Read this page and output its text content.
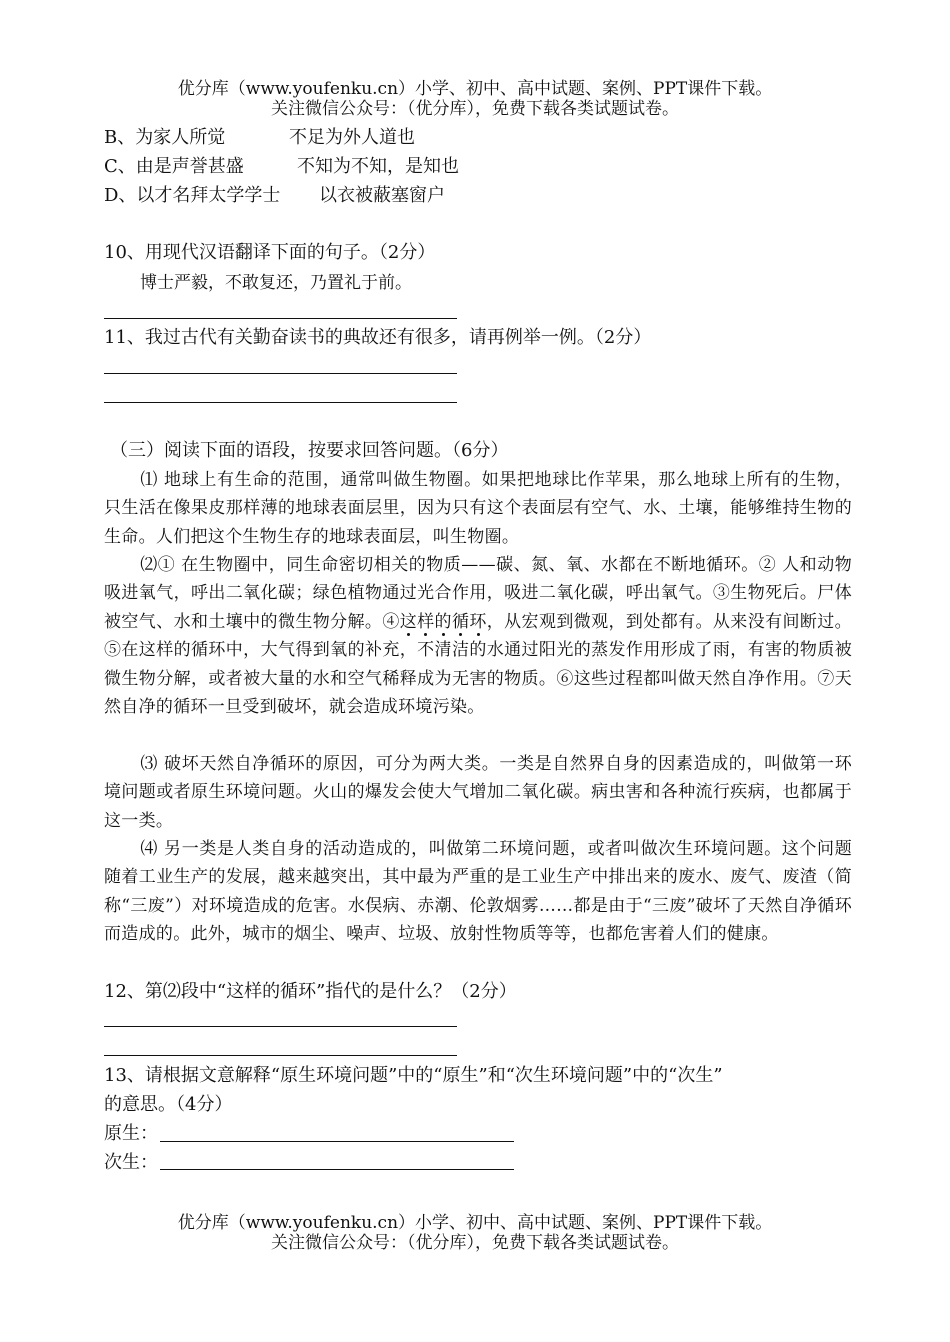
优分库（www.youfenku.cn）小学、初中、高中试题、案例、PPT课件下载。
关注微信公众号：（优分库），免费下载各类试题试卷。
B、为家人所觉	不足为外人道也
C、由是声誉甚盛	不知为不知，是知也
D、以才名拜太学学士 以衣被蔽塞窗户
10、用现代汉语翻译下面的句子。（2分）
博士严毅，不敢复还，乃置礼于前。
11、我过古代有关勤奋读书的典故还有很多，请再例举一例。（2分）
（三）阅读下面的语段，按要求回答问题。（6分）
⑴ 地球上有生命的范围，通常叫做生物圈。如果把地球比作苹果，那么地球上所有的生物，只生活在像果皮那样薄的地球表面层里，因为只有这个表面层有空气、水、土壤，能够维持生物的生命。人们把这个生物生存的地球表面层，叫生物圈。
⑵① 在生物圈中，同生命密切相关的物质——碳、氮、氧、水都在不断地循环。② 人和动物吸进氧气，呼出二氧化碳；绿色植物通过光合作用，吸进二氧化碳，呼出氧气。③生物死后。尸体被空气、水和土壤中的微生物分解。④这样的循环，从宏观到微观，到处都有。从来没有间断过。⑤在这样的循环中，大气得到氧的补充，不清洁的水通过阳光的蒸发作用形成了雨，有害的物质被微生物分解，或者被大量的水和空气稀释成为无害的物质。⑥这些过程都叫做天然自净作用。⑦天然自净的循环一旦受到破坏，就会造成环境污染。
⑶ 破坏天然自净循环的原因，可分为两大类。一类是自然界自身的因素造成的，叫做第一环境问题或者原生环境问题。火山的爆发会使大气增加二氧化碳。病虫害和各种流行疾病，也都属于这一类。
⑷ 另一类是人类自身的活动造成的，叫做第二环境问题，或者叫做次生环境问题。这个问题随着工业生产的发展，越来越突出，其中最为严重的是工业生产中排出来的废水、废气、废渣（简称“三废”）对环境造成的危害。水俣病、赤潮、伦敦烟雾……都是由于“三废”破坏了天然自净循环而造成的。此外，城市的烟尘、噪声、垃圾、放射性物质等等，也都危害着人们的健康。
12、第⑵段中“这样的循环”指代的是什么？（2分）
13、请根据文意解释“原生环境问题”中的“原生”和“次生环境问题”中的“次生”
的意思。（4分）
原生：
次生：
优分库（www.youfenku.cn）小学、初中、高中试题、案例、PPT课件下载。
关注微信公众号：（优分库），免费下载各类试题试卷。
